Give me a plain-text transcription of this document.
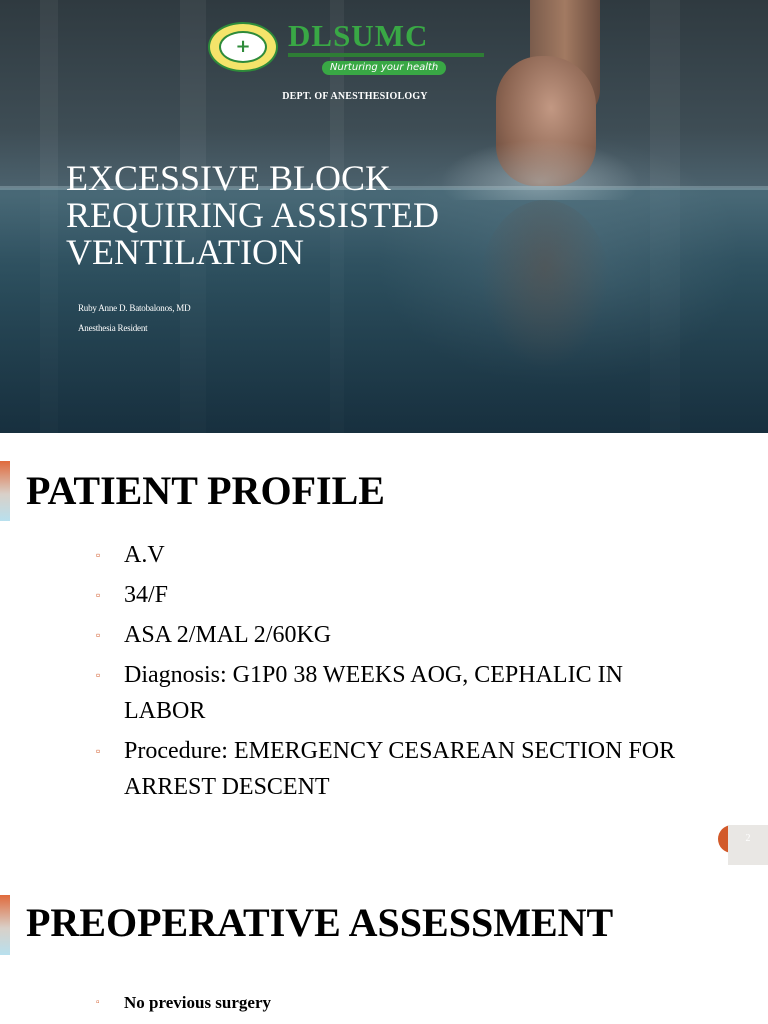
+ DLSUMC
Nurturing your health
DEPT. OF ANESTHESIOLOGY
EXCESSIVE BLOCK
REQUIRING ASSISTED
VENTILATION
Ruby Anne D. Batobalonos, MD
Anesthesia Resident
PATIENT PROFILE
▫ A.V
▫ 34/F
▫ ASA 2/MAL 2/60KG
▫ Diagnosis: G1P0 38 WEEKS AOG, CEPHALIC IN LABOR
▫ Procedure: EMERGENCY CESAREAN SECTION FOR ARREST DESCENT
2
PREOPERATIVE ASSESSMENT
▫ No previous surgery
